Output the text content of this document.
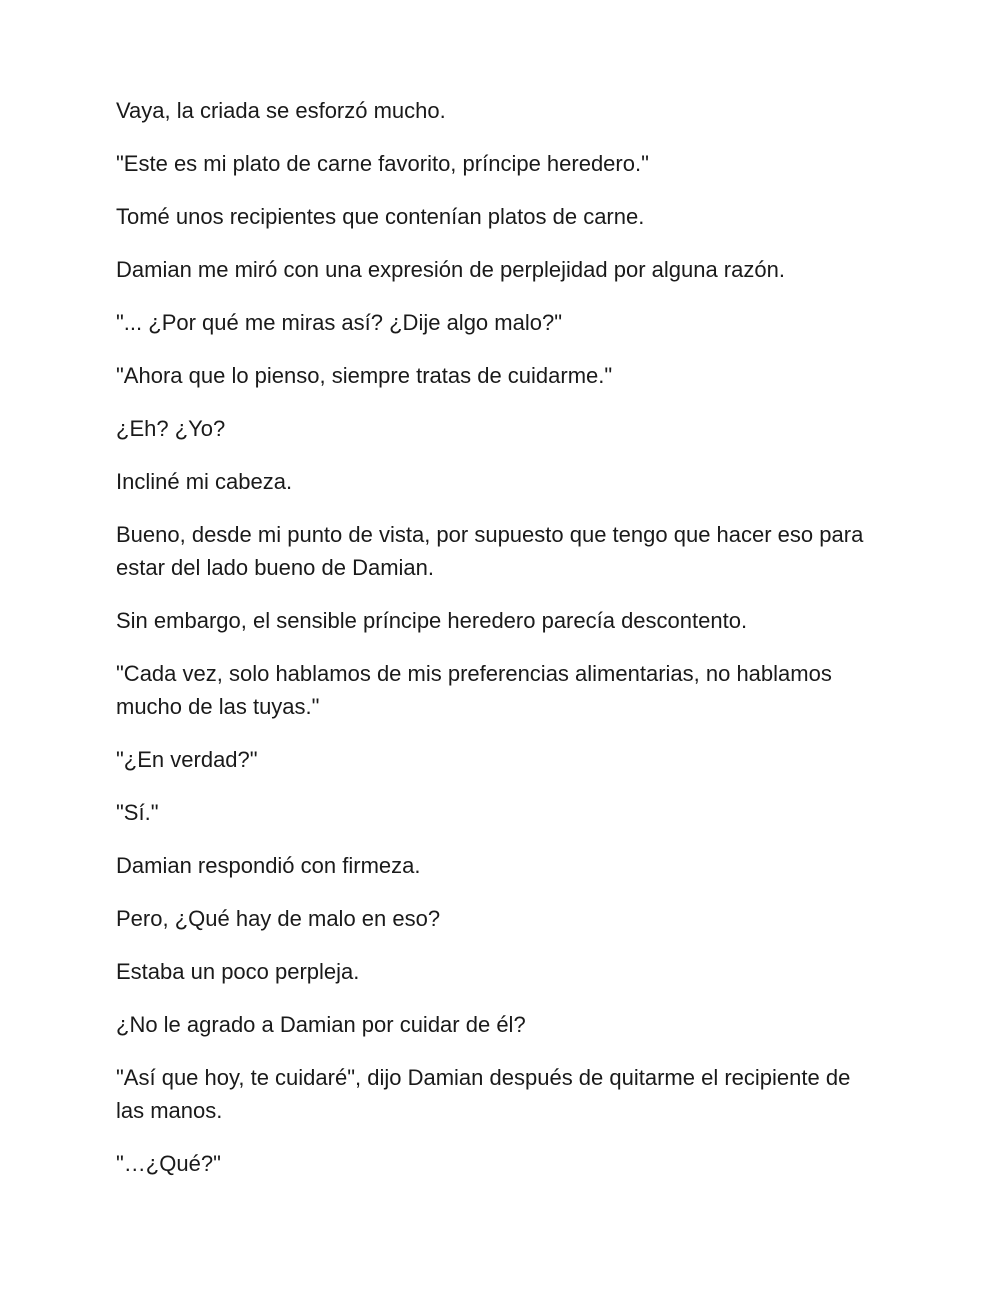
Vaya, la criada se esforzó mucho.

"Este es mi plato de carne favorito, príncipe heredero."

Tomé unos recipientes que contenían platos de carne.

Damian me miró con una expresión de perplejidad por alguna razón.

"... ¿Por qué me miras así? ¿Dije algo malo?"

"Ahora que lo pienso, siempre tratas de cuidarme."

¿Eh? ¿Yo?

Incliné mi cabeza.

Bueno, desde mi punto de vista, por supuesto que tengo que hacer eso para estar del lado bueno de Damian.

Sin embargo, el sensible príncipe heredero parecía descontento.

"Cada vez, solo hablamos de mis preferencias alimentarias, no hablamos mucho de las tuyas."

"¿En verdad?"

"Sí."

Damian respondió con firmeza.

Pero, ¿Qué hay de malo en eso?

Estaba un poco perpleja.

¿No le agrado a Damian por cuidar de él?

"Así que hoy, te cuidaré", dijo Damian después de quitarme el recipiente de las manos.

"…¿Qué?"
